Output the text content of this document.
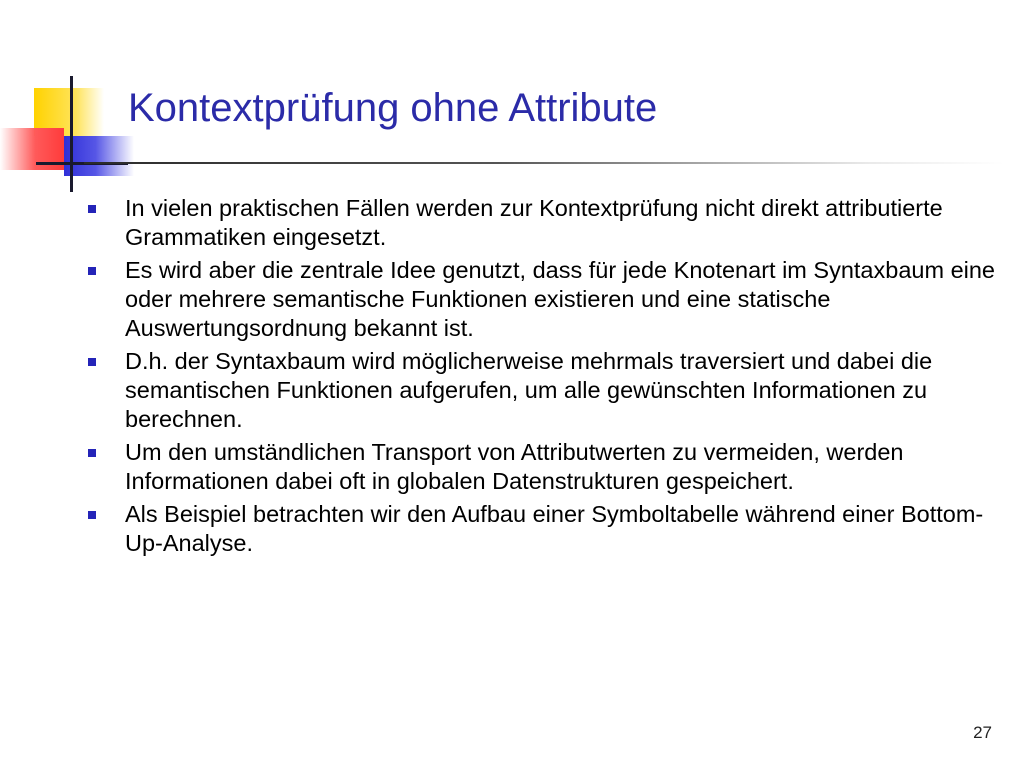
Kontextprüfung ohne Attribute
In vielen praktischen Fällen werden zur Kontextprüfung nicht direkt attributierte Grammatiken eingesetzt.
Es wird aber die zentrale Idee genutzt, dass für jede Knotenart im Syntaxbaum eine oder mehrere semantische Funktionen existieren und eine statische Auswertungsordnung bekannt ist.
D.h. der Syntaxbaum wird möglicherweise mehrmals traversiert und dabei die semantischen Funktionen aufgerufen, um alle gewünschten Informationen zu berechnen.
Um den umständlichen Transport von Attributwerten zu vermeiden, werden Informationen dabei oft in globalen Datenstrukturen gespeichert.
Als Beispiel betrachten wir den Aufbau einer Symboltabelle während einer Bottom-Up-Analyse.
27
